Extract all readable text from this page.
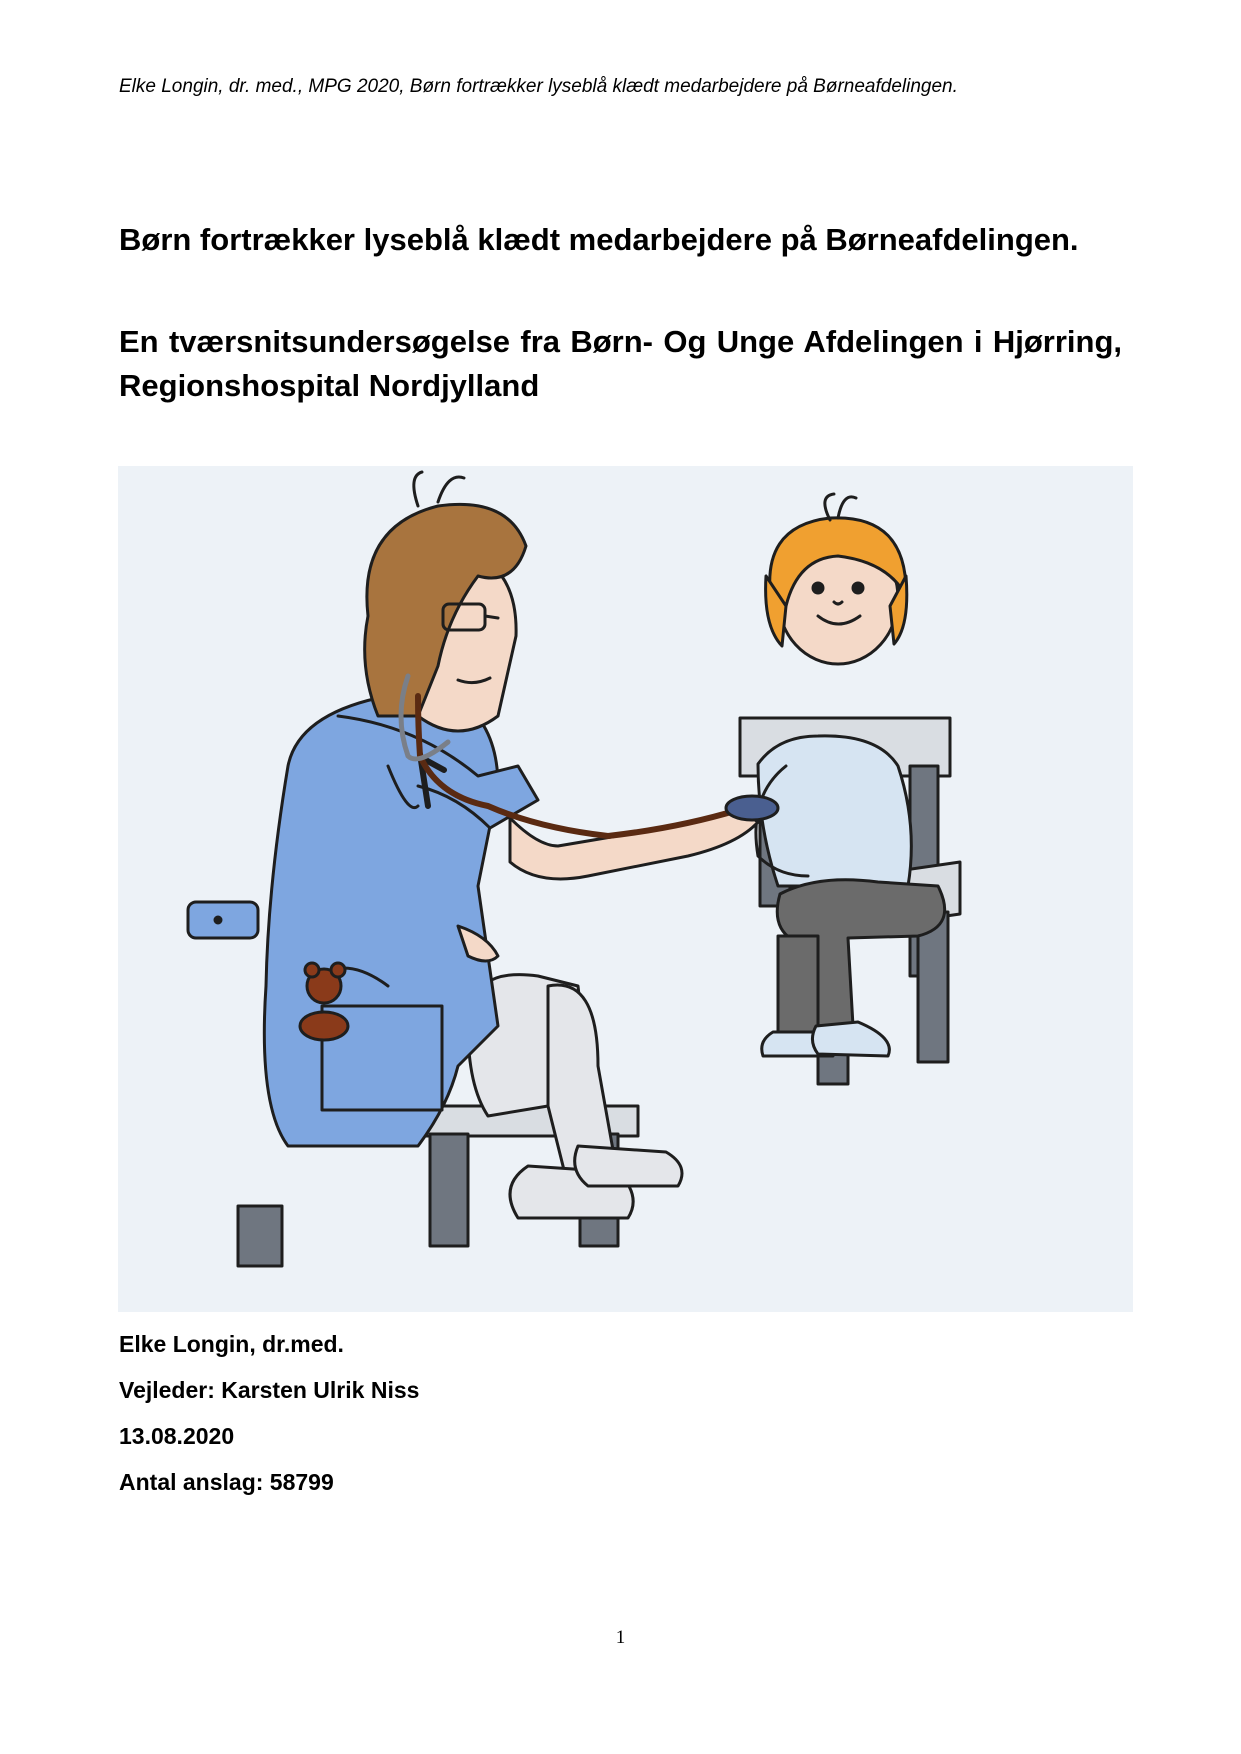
Elke Longin, dr. med., MPG 2020, Børn fortrækker lyseblå klædt medarbejdere på Børneafdelingen.
Børn fortrækker lyseblå klædt medarbejdere på Børneafdelingen.
En tværsnitsundersøgelse fra Børn- Og Unge Afdelingen i Hjørring, Regionshospital Nordjylland
Elke Longin, dr.med.
Vejleder: Karsten Ulrik Niss
13.08.2020
Antal anslag: 58799
1
